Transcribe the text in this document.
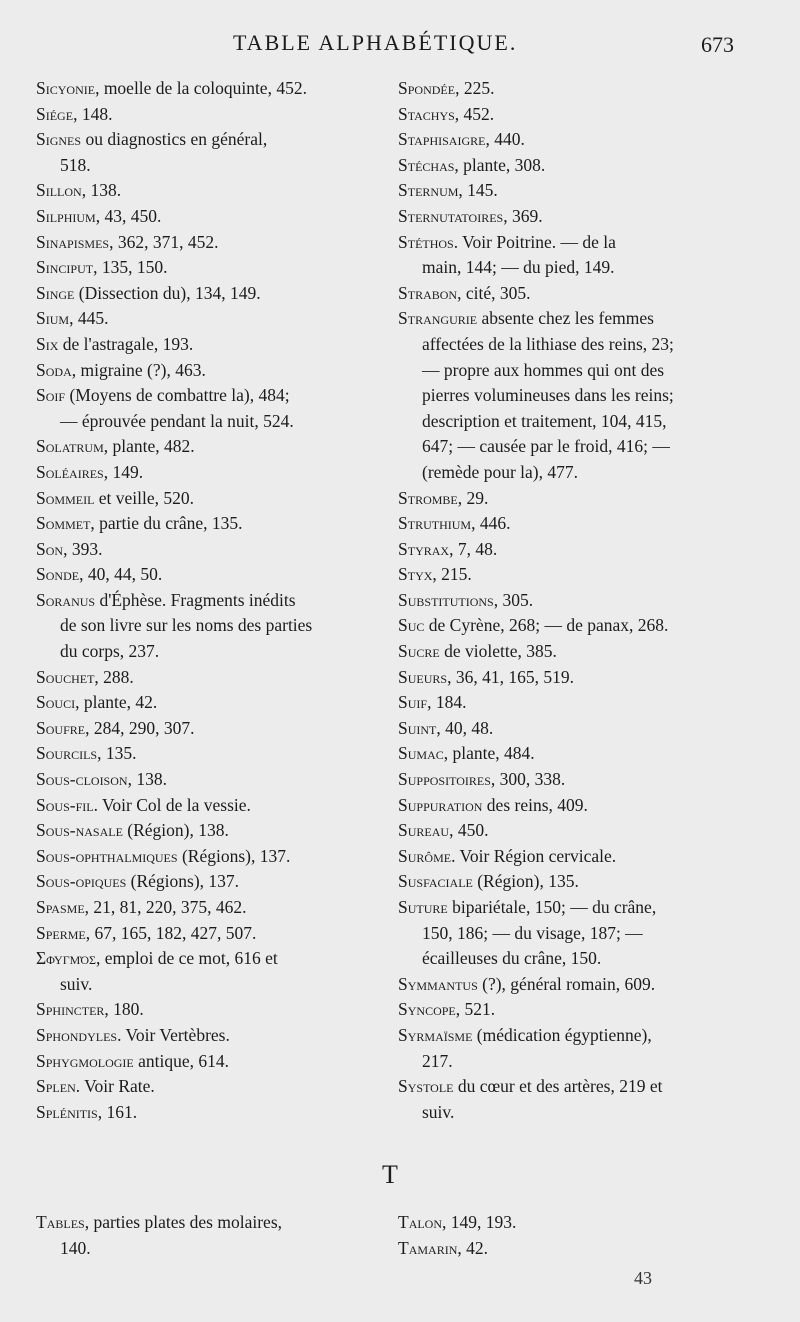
TABLE ALPHABÉTIQUE.	673
Sicyonie, moelle de la coloquinte, 452.
Siége, 148.
Signes ou diagnostics en général,
518.
Sillon, 138.
Silphium, 43, 450.
Sinapismes, 362, 371, 452.
Sinciput, 135, 150.
Singe (Dissection du), 134, 149.
Sium, 445.
Six de l'astragale, 193.
Soda, migraine (?), 463.
Soif (Moyens de combattre la), 484;
— éprouvée pendant la nuit, 524.
Solatrum, plante, 482.
Soléaires, 149.
Sommeil et veille, 520.
Sommet, partie du crâne, 135.
Son, 393.
Sonde, 40, 44, 50.
Soranus d'Éphèse. Fragments inédits
de son livre sur les noms des parties
du corps, 237.
Souchet, 288.
Souci, plante, 42.
Soufre, 284, 290, 307.
Sourcils, 135.
Sous-cloison, 138.
Sous-fil. Voir Col de la vessie.
Sous-nasale (Région), 138.
Sous-ophthalmiques (Régions), 137.
Sous-opiques (Régions), 137.
Spasme, 21, 81, 220, 375, 462.
Sperme, 67, 165, 182, 427, 507.
Σφυγμός, emploi de ce mot, 616 et
suiv.
Sphincter, 180.
Sphondyles. Voir Vertèbres.
Sphygmologie antique, 614.
Splen. Voir Rate.
Splénitis, 161.
Spondée, 225.
Stachys, 452.
Staphisaigre, 440.
Stéchas, plante, 308.
Sternum, 145.
Sternutatoires, 369.
Stéthos. Voir Poitrine. — de la
main, 144; — du pied, 149.
Strabon, cité, 305.
Strangurie absente chez les femmes
affectées de la lithiase des reins, 23;
— propre aux hommes qui ont des
pierres volumineuses dans les reins;
description et traitement, 104, 415,
647; — causée par le froid, 416; —
(remède pour la), 477.
Strombe, 29.
Struthium, 446.
Styrax, 7, 48.
Styx, 215.
Substitutions, 305.
Suc de Cyrène, 268; — de panax, 268.
Sucre de violette, 385.
Sueurs, 36, 41, 165, 519.
Suif, 184.
Suint, 40, 48.
Sumac, plante, 484.
Suppositoires, 300, 338.
Suppuration des reins, 409.
Sureau, 450.
Surôme. Voir Région cervicale.
Susfaciale (Région), 135.
Suture bipariétale, 150; — du crâne,
150, 186; — du visage, 187; —
écailleuses du crâne, 150.
Symmantus (?), général romain, 609.
Syncope, 521.
Syrmaïsme (médication égyptienne),
217.
Systole du cœur et des artères, 219 et
suiv.
T
Tables, parties plates des molaires,
140.
Talon, 149, 193.
Tamarin, 42.
43
